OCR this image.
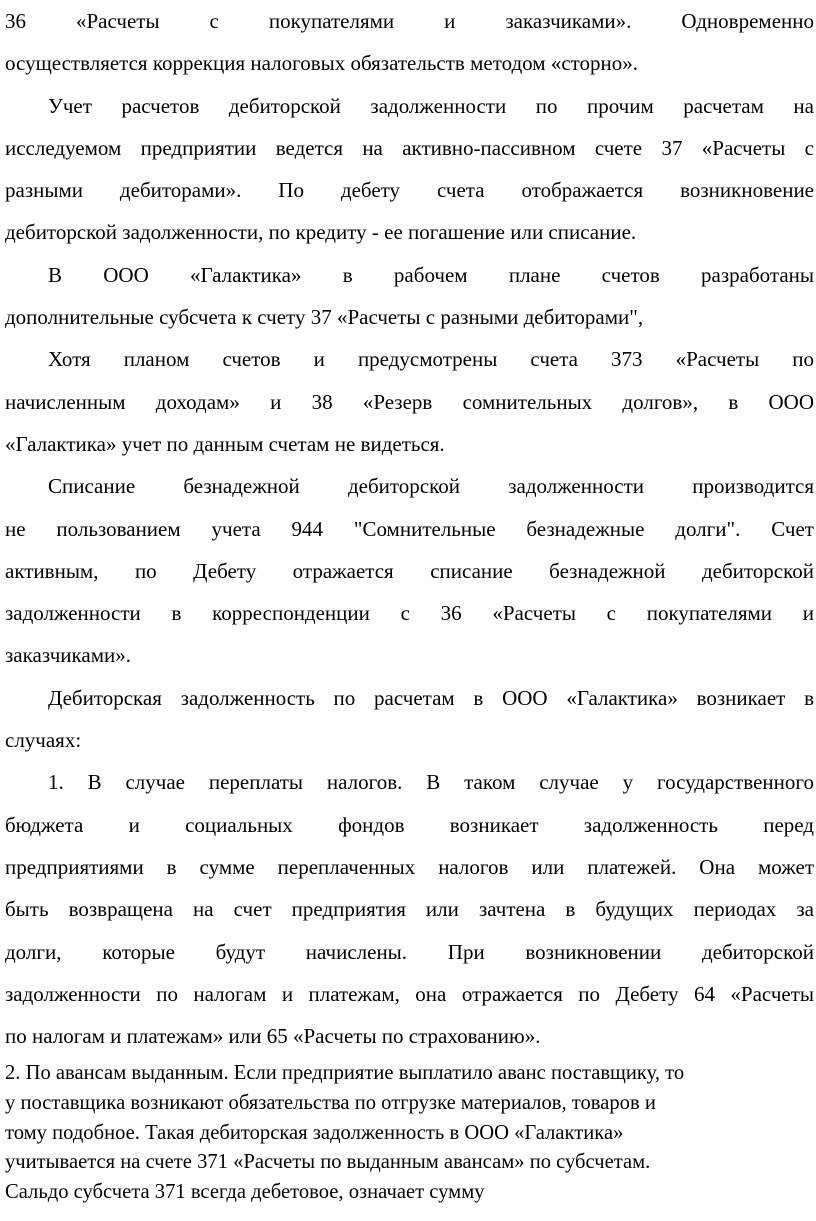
36 «Расчеты с покупателями и заказчиками». Одновременно
осуществляется коррекция налоговых обязательств методом «сторно».
Учет расчетов дебиторской задолженности по прочим расчетам на
исследуемом предприятии ведется на активно-пассивном счете 37 «Расчеты с
разными дебиторами». По дебету счета отображается возникновение
дебиторской задолженности, по кредиту - ее погашение или списание.
В ООО «Галактика» в рабочем плане счетов разработаны
дополнительные субсчета к счету 37 «Расчеты с разными дебиторами",
Хотя планом счетов и предусмотрены счета 373 «Расчеты по
начисленным доходам» и 38 «Резерв сомнительных долгов», в ООО
«Галактика» учет по данным счетам не видеться.
Списание безнадежной дебиторской задолженности производится
не пользованием учета 944 "Сомнительные безнадежные долги". Счет
активным, по Дебету отражается списание безнадежной дебиторской
задолженности в корреспонденции с 36 «Расчеты с покупателями и
заказчиками».
Дебиторская задолженность по расчетам в ООО «Галактика» возникает в
случаях:
1. В случае переплаты налогов. В таком случае у государственного
бюджета и социальных фондов возникает задолженность перед
предприятиями в сумме переплаченных налогов или платежей. Она может
быть возвращена на счет предприятия или зачтена в будущих периодах за
долги, которые будут начислены. При возникновении дебиторской
задолженности по налогам и платежам, она отражается по Дебету 64 «Расчеты
по налогам и платежам» или 65 «Расчеты по страхованию».
2. По авансам выданным. Если предприятие выплатило аванс поставщику, то
у поставщика возникают обязательства по отгрузке материалов, товаров и
тому подобное. Такая дебиторская задолженность в ООО «Галактика»
учитывается на счете 371 «Расчеты по выданным авансам» по субсчетам.
Сальдо субсчета 371 всегда дебетовое, означает сумму
